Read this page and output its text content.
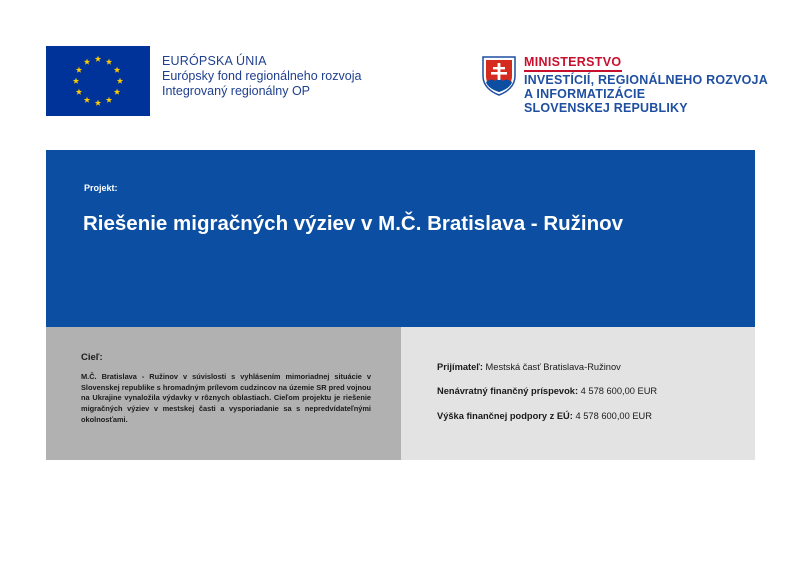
EURÓPSKA ÚNIA
Európsky fond regionálneho rozvoja
Integrovaný regionálny OP
MINISTERSTVO
INVESTÍCIÍ, REGIONÁLNEHO ROZVOJA
A INFORMATIZÁCIE
SLOVENSKEJ REPUBLIKY
Projekt:
Riešenie migračných výziev v M.Č. Bratislava - Ružinov
Cieľ:
M.Č. Bratislava - Ružinov v súvislosti s vyhlásením mimoriadnej situácie v Slovenskej republike s hromadným prílevom cudzincov na územie SR pred vojnou na Ukrajine vynaložila výdavky v rôznych oblastiach. Cieľom projektu je riešenie migračných výziev v mestskej časti a vysporiadanie sa s nepredvídateľnými okolnosťami.
Prijímateľ: Mestská časť Bratislava-Ružinov
Nenávratný finančný príspevok: 4 578 600,00 EUR
Výška finančnej podpory z EÚ: 4 578 600,00 EUR
